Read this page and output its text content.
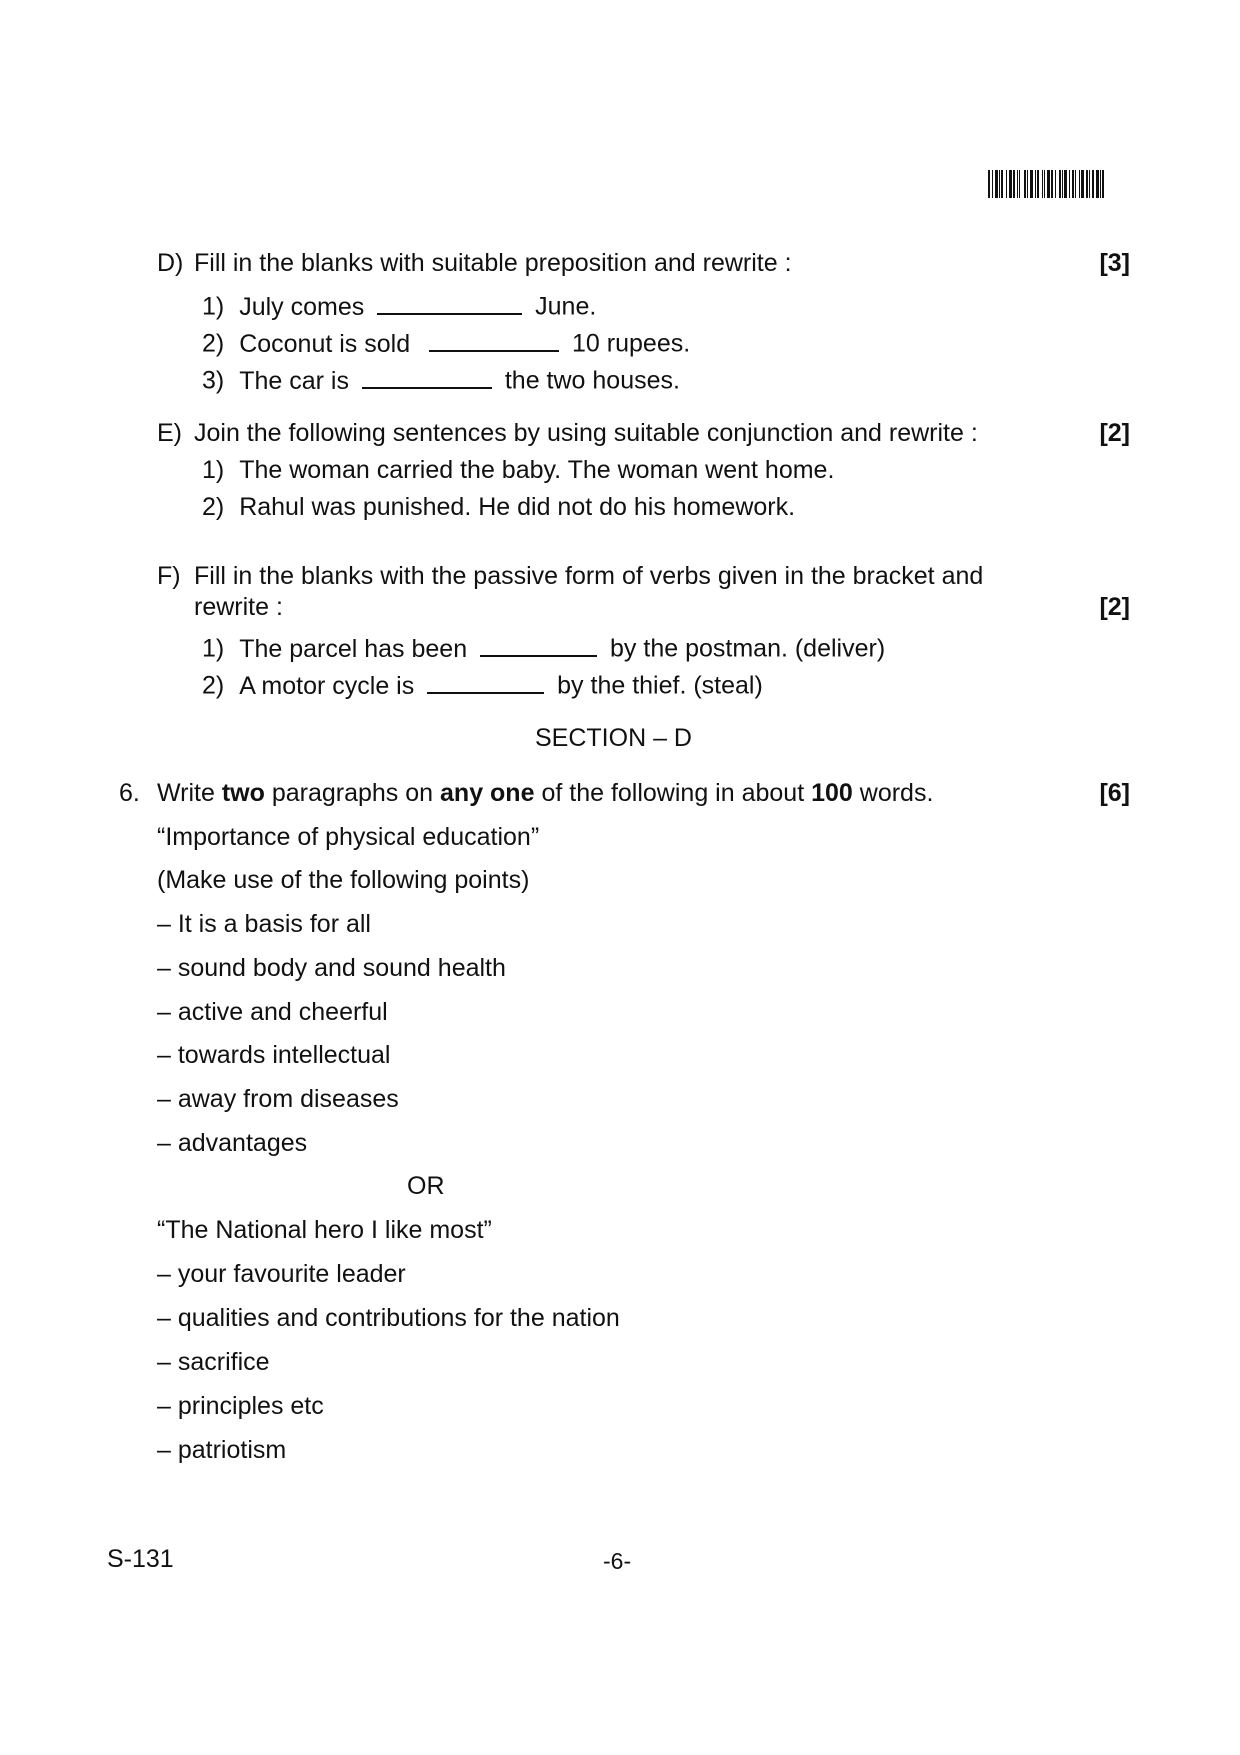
D) Fill in the blanks with suitable preposition and rewrite :	[3]
1) July comes	June.
2) Coconut is sold	10 rupees.
3) The car is	the two houses.
E) Join the following sentences by using suitable conjunction and rewrite :	[2]
1) The woman carried the baby. The woman went home.
2) Rahul was punished. He did not do his homework.
F) Fill in the blanks with the passive form of verbs given in the bracket and
rewrite :	[2]
1) The parcel has been	by the postman. (deliver)
2) A motor cycle is	by the thief. (steal)
SECTION – D
6. Write two paragraphs on any one of the following in about 100 words.	[6]
“Importance of physical education”
(Make use of the following points)
– It is a basis for all
– sound body and sound health
– active and cheerful
– towards intellectual
– away from diseases
– advantages
OR
“The National hero I like most”
– your favourite leader
– qualities and contributions for the nation
– sacrifice
– principles etc
– patriotism
S-131	-6-
